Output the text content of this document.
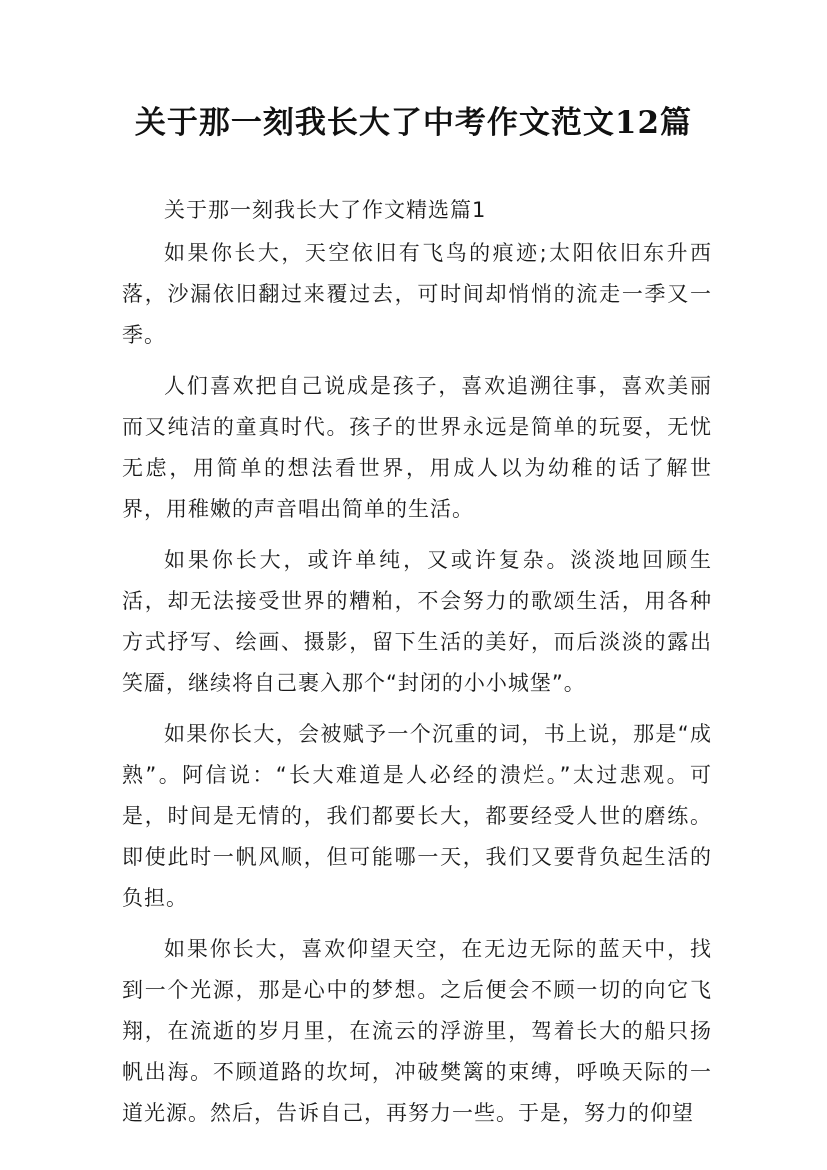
关于那一刻我长大了中考作文范文12篇

关于那一刻我长大了作文精选篇1

如果你长大，天空依旧有飞鸟的痕迹;太阳依旧东升西落，沙漏依旧翻过来覆过去，可时间却悄悄的流走一季又一季。

人们喜欢把自己说成是孩子，喜欢追溯往事，喜欢美丽而又纯洁的童真时代。孩子的世界永远是简单的玩耍，无忧无虑，用简单的想法看世界，用成人以为幼稚的话了解世界，用稚嫩的声音唱出简单的生活。

如果你长大，或许单纯，又或许复杂。淡淡地回顾生活，却无法接受世界的糟粕，不会努力的歌颂生活，用各种方式抒写、绘画、摄影，留下生活的美好，而后淡淡的露出笑靥，继续将自己裹入那个“封闭的小小城堡”。

如果你长大，会被赋予一个沉重的词，书上说，那是“成熟”。阿信说：“长大难道是人必经的溃烂。”太过悲观。可是，时间是无情的，我们都要长大，都要经受人世的磨练。即使此时一帆风顺，但可能哪一天，我们又要背负起生活的负担。

如果你长大，喜欢仰望天空，在无边无际的蓝天中，找到一个光源，那是心中的梦想。之后便会不顾一切的向它飞翔，在流逝的岁月里，在流云的浮游里，驾着长大的船只扬帆出海。不顾道路的坎坷，冲破樊篱的束缚，呼唤天际的一道光源。然后，告诉自己，再努力一些。于是，努力的仰望
